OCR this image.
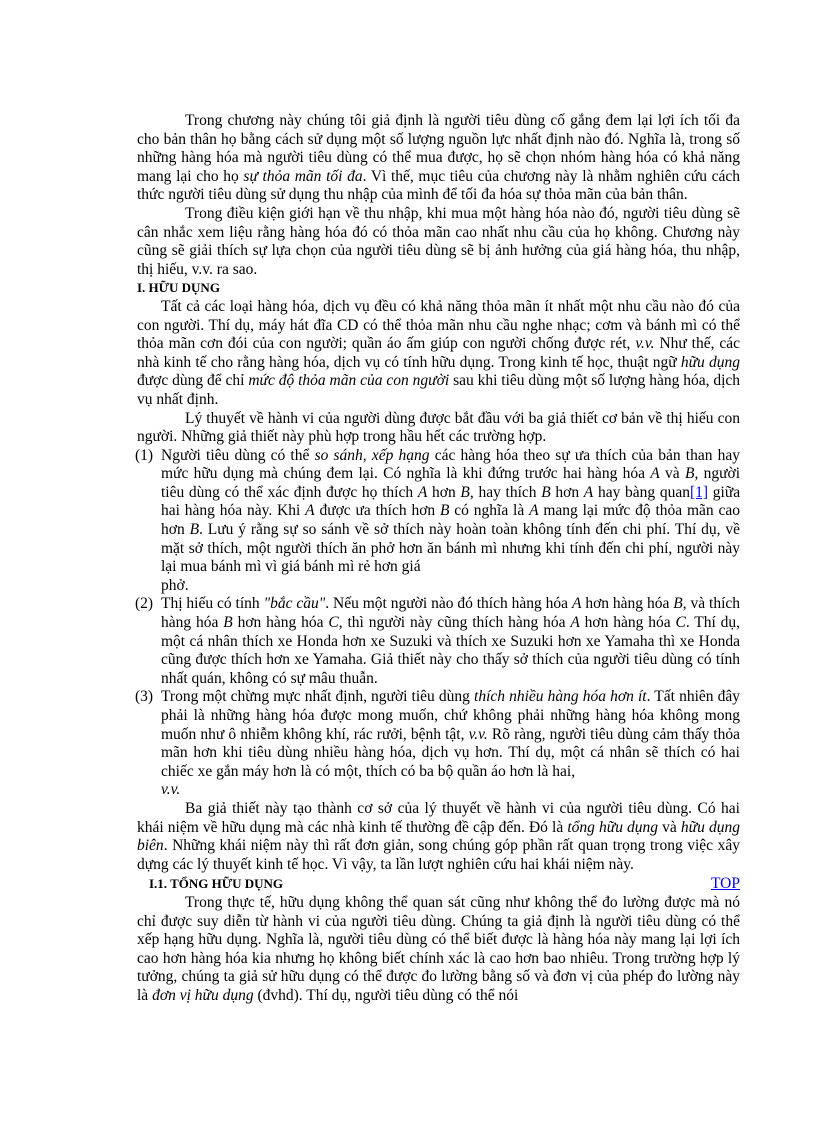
Trong chương này chúng tôi giả định là người tiêu dùng cố gắng đem lại lợi ích tối đa cho bản thân họ bằng cách sử dụng một số lượng nguồn lực nhất định nào đó. Nghĩa là, trong số những hàng hóa mà người tiêu dùng có thể mua được, họ sẽ chọn nhóm hàng hóa có khả năng mang lại cho họ sự thỏa mãn tối đa. Vì thế, mục tiêu của chương này là nhằm nghiên cứu cách thức người tiêu dùng sử dụng thu nhập của mình để tối đa hóa sự thỏa mãn của bản thân.

Trong điều kiện giới hạn về thu nhập, khi mua một hàng hóa nào đó, người tiêu dùng sẽ cân nhắc xem liệu rằng hàng hóa đó có thỏa mãn cao nhất nhu cầu của họ không. Chương này cũng sẽ giải thích sự lựa chọn của người tiêu dùng sẽ bị ảnh hưởng của giá hàng hóa, thu nhập, thị hiếu, v.v. ra sao.

I. HỮU DỤNG

Tất cả các loại hàng hóa, dịch vụ đều có khả năng thỏa mãn ít nhất một nhu cầu nào đó của con người. Thí dụ, máy hát đĩa CD có thể thỏa mãn nhu cầu nghe nhạc; cơm và bánh mì có thể thỏa mãn cơn đói của con người; quần áo ấm giúp con người chống được rét, v.v. Như thế, các nhà kinh tế cho rằng hàng hóa, dịch vụ có tính hữu dụng. Trong kinh tế học, thuật ngữ hữu dụng được dùng để chỉ mức độ thỏa mãn của con người sau khi tiêu dùng một số lượng hàng hóa, dịch vụ nhất định.

Lý thuyết về hành vi của người dùng được bắt đầu với ba giả thiết cơ bản về thị hiếu con người. Những giả thiết này phù hợp trong hầu hết các trường hợp.

(1) Người tiêu dùng có thể so sánh, xếp hạng các hàng hóa theo sự ưa thích của bản than hay mức hữu dụng mà chúng đem lại. Có nghĩa là khi đứng trước hai hàng hóa A và B, người tiêu dùng có thể xác định được họ thích A hơn B, hay thích B hơn A hay bàng quan[1] giữa hai hàng hóa này. Khi A được ưa thích hơn B có nghĩa là A mang lại mức độ thỏa mãn cao hơn B. Lưu ý rằng sự so sánh về sở thích này hoàn toàn không tính đến chi phí. Thí dụ, về mặt sở thích, một người thích ăn phở hơn ăn bánh mì nhưng khi tính đến chi phí, người này lại mua bánh mì vì giá bánh mì rẻ hơn giá
phở.

(2) Thị hiếu có tính "bắc cầu". Nếu một người nào đó thích hàng hóa A hơn hàng hóa B, và thích hàng hóa B hơn hàng hóa C, thì người này cũng thích hàng hóa A hơn hàng hóa C. Thí dụ, một cá nhân thích xe Honda hơn xe Suzuki và thích xe Suzuki hơn xe Yamaha thì xe Honda cũng được thích hơn xe Yamaha. Giả thiết này cho thấy sở thích của người tiêu dùng có tính nhất quán, không có sự mâu thuẫn.

(3) Trong một chừng mực nhất định, người tiêu dùng thích nhiều hàng hóa hơn ít. Tất nhiên đây phải là những hàng hóa được mong muốn, chứ không phải những hàng hóa không mong muốn như ô nhiễm không khí, rác rưởi, bệnh tật, v.v. Rõ ràng, người tiêu dùng cảm thấy thỏa mãn hơn khi tiêu dùng nhiều hàng hóa, dịch vụ hơn. Thí dụ, một cá nhân sẽ thích có hai chiếc xe gắn máy hơn là có một, thích có ba bộ quần áo hơn là hai,
v.v.

Ba giả thiết này tạo thành cơ sở của lý thuyết về hành vi của người tiêu dùng. Có hai khái niệm về hữu dụng mà các nhà kinh tế thường đề cập đến. Đó là tổng hữu dụng và hữu dụng biên. Những khái niệm này thì rất đơn giản, song chúng góp phần rất quan trọng trong việc xây dựng các lý thuyết kinh tế học. Vì vậy, ta lần lượt nghiên cứu hai khái niệm này.

I.1. TỔNG HỮU DỤNG	TOP

Trong thực tế, hữu dụng không thể quan sát cũng như không thể đo lường được mà nó chỉ được suy diễn từ hành vi của người tiêu dùng. Chúng ta giả định là người tiêu dùng có thể xếp hạng hữu dụng. Nghĩa là, người tiêu dùng có thể biết được là hàng hóa này mang lại lợi ích cao hơn hàng hóa kia nhưng họ không biết chính xác là cao hơn bao nhiêu. Trong trường hợp lý tưởng, chúng ta giả sử hữu dụng có thể được đo lường bằng số và đơn vị của phép đo lường này là đơn vị hữu dụng (đvhd). Thí dụ, người tiêu dùng có thể nói
